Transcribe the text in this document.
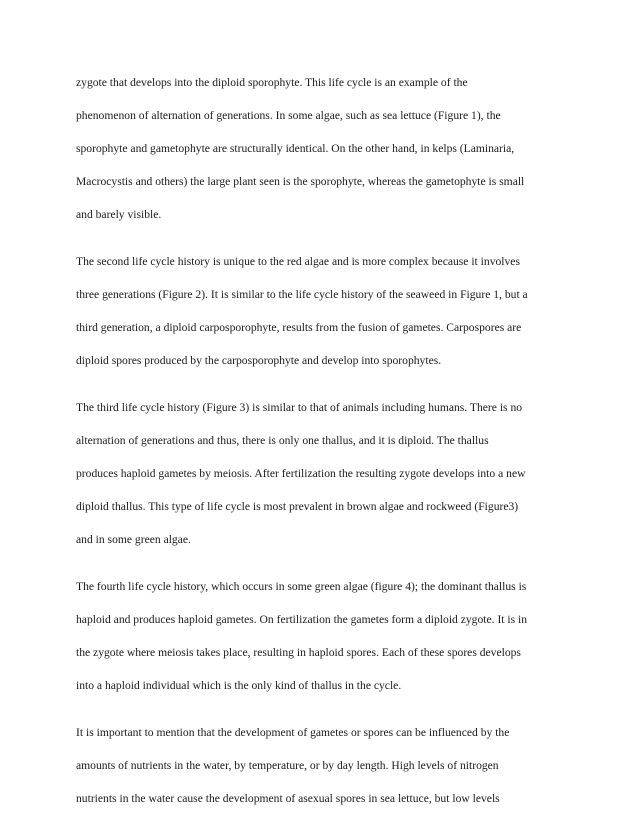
zygote that develops into the diploid sporophyte. This life cycle is an example of the
phenomenon of alternation of generations. In some algae, such as sea lettuce (Figure 1), the
sporophyte and gametophyte are structurally identical. On the other hand, in kelps (Laminaria,
Macrocystis and others) the large plant seen is the sporophyte, whereas the gametophyte is small
and barely visible.

The second life cycle history is unique to the red algae and is more complex because it involves
three generations (Figure 2). It is similar to the life cycle history of the seaweed in Figure 1, but a
third generation, a diploid carposporophyte, results from the fusion of gametes. Carpospores are
diploid spores produced by the carposporophyte and develop into sporophytes.

The third life cycle history (Figure 3) is similar to that of animals including humans. There is no
alternation of generations and thus, there is only one thallus, and it is diploid. The thallus
produces haploid gametes by meiosis. After fertilization the resulting zygote develops into a new
diploid thallus. This type of life cycle is most prevalent in brown algae and rockweed (Figure3)
and in some green algae.

The fourth life cycle history, which occurs in some green algae (figure 4); the dominant thallus is
haploid and produces haploid gametes. On fertilization the gametes form a diploid zygote. It is in
the zygote where meiosis takes place, resulting in haploid spores. Each of these spores develops
into a haploid individual which is the only kind of thallus in the cycle.

It is important to mention that the development of gametes or spores can be influenced by the
amounts of nutrients in the water, by temperature, or by day length. High levels of nitrogen
nutrients in the water cause the development of asexual spores in sea lettuce, but low levels
